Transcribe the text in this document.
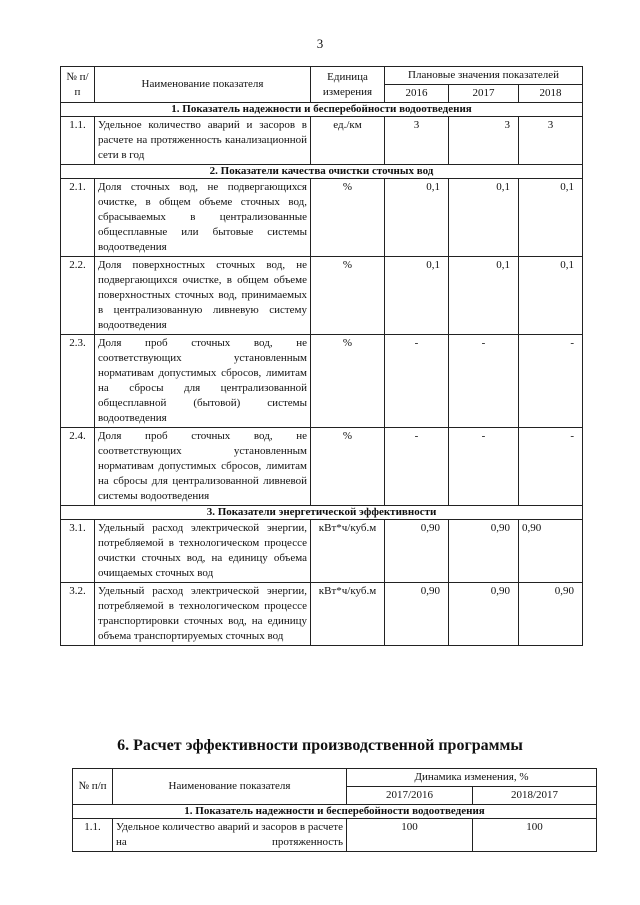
3
№ п/п	Наименование показателя	Единица измерения	Плановые значения показателей		
			2016	2017	2018
1. Показатель надежности и бесперебойности водоотведения					
1.1.	Удельное количество аварий и засоров в расчете на протяженность канализационной сети в год	ед./км	3	3	3
2. Показатели качества очистки сточных вод					
2.1.	Доля сточных вод, не подвергающихся очистке, в общем объеме сточных вод, сбрасываемых в централизованные общесплавные или бытовые системы водоотведения	%	0,1	0,1	0,1
2.2.	Доля поверхностных сточных вод, не подвергающихся очистке, в общем объеме поверхностных сточных вод, принимаемых в централизованную ливневую систему водоотведения	%	0,1	0,1	0,1
2.3.	Доля проб сточных вод, не соответствующих установленным нормативам допустимых сбросов, лимитам на сбросы для централизованной общесплавной (бытовой) системы водоотведения	%	-	-	-
2.4.	Доля проб сточных вод, не соответствующих установленным нормативам допустимых сбросов, лимитам на сбросы для централизованной ливневой системы водоотведения	%	-	-	-
3. Показатели энергетической эффективности					
3.1.	Удельный расход электрической энергии, потребляемой в технологическом процессе очистки сточных вод, на единицу объема очищаемых сточных вод	кВт*ч/куб.м	0,90	0,90	0,90
3.2.	Удельный расход электрической энергии, потребляемой в технологическом процессе транспортировки сточных вод, на единицу объема транспортируемых сточных вод	кВт*ч/куб.м	0,90	0,90	0,90
6. Расчет эффективности производственной программы
№ п/п	Наименование показателя	Динамика изменения, %	
		2017/2016	2018/2017
1. Показатель надежности и бесперебойности водоотведения			
1.1.	Удельное количество аварий и засоров в расчете на протяженность	100	100
